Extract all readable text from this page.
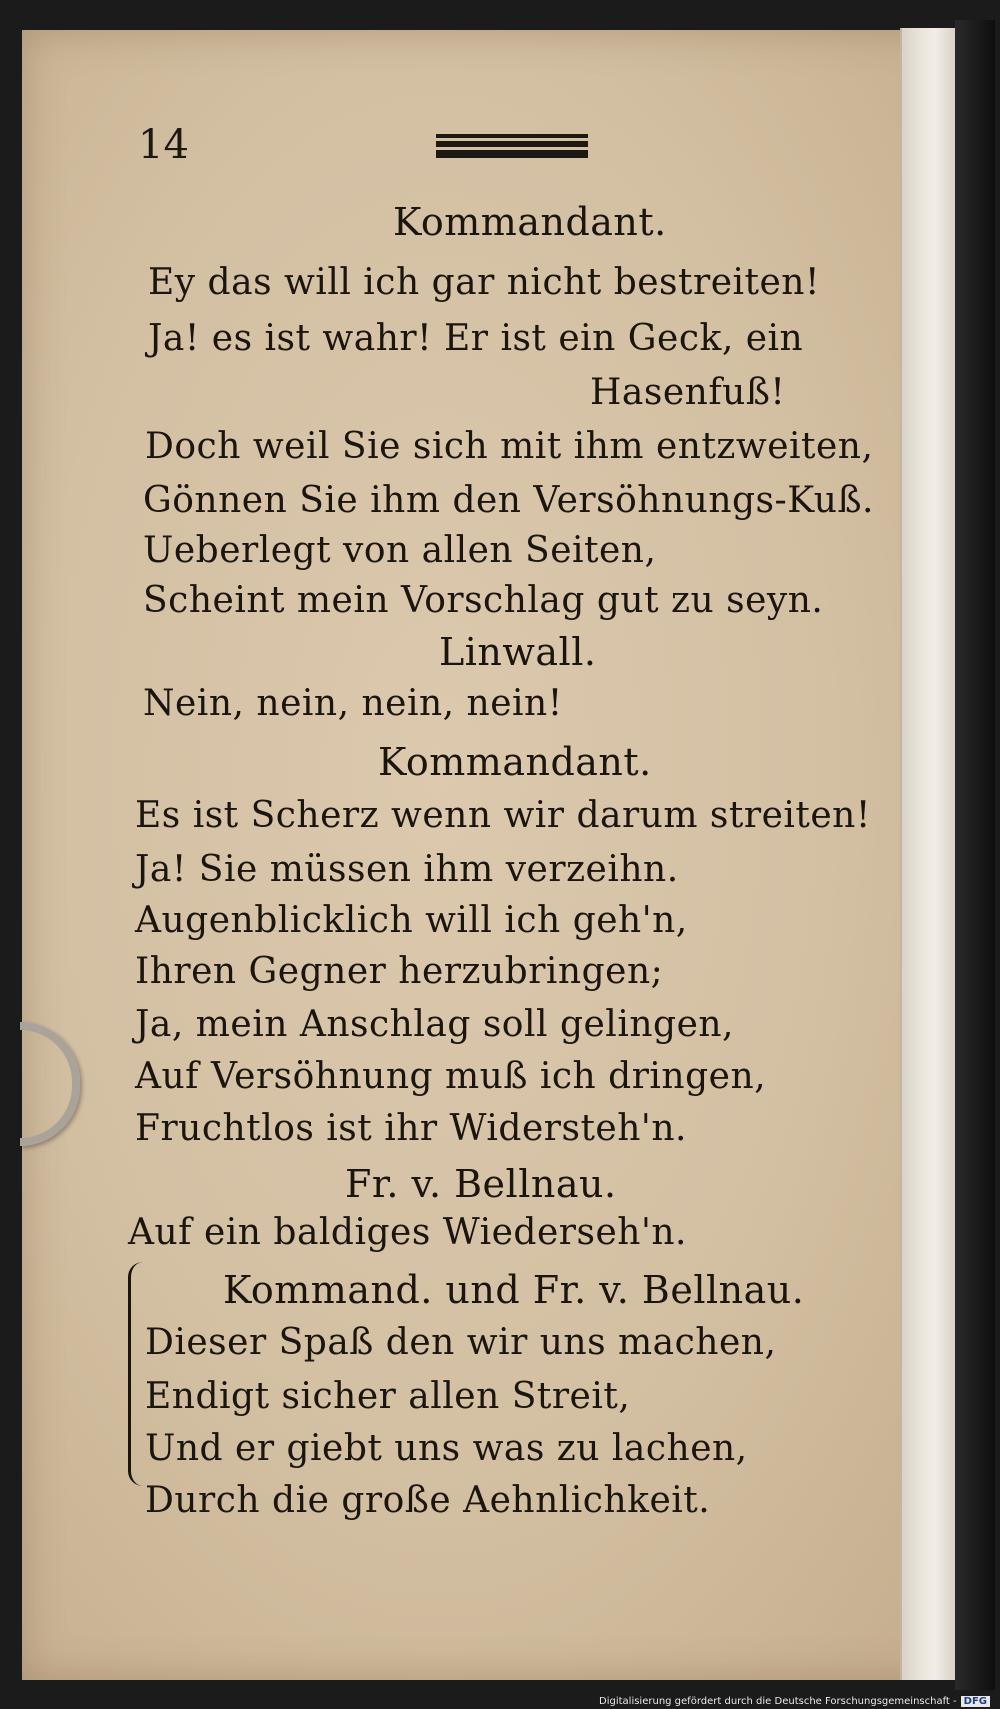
14
Kommandant.
Ey das will ich gar nicht bestreiten!
Ja! es ist wahr! Er ist ein Geck, ein
Hasenfuß!
Doch weil Sie sich mit ihm entzweiten,
Gönnen Sie ihm den Versöhnungs-Kuß.
Ueberlegt von allen Seiten,
Scheint mein Vorschlag gut zu seyn.
Linwall.
Nein, nein, nein, nein!
Kommandant.
Es ist Scherz wenn wir darum streiten!
Ja! Sie müssen ihm verzeihn.
Augenblicklich will ich geh'n,
Ihren Gegner herzubringen;
Ja, mein Anschlag soll gelingen,
Auf Versöhnung muß ich dringen,
Fruchtlos ist ihr Widersteh'n.
Fr. v. Bellnau.
Auf ein baldiges Wiederseh'n.
Kommand. und Fr. v. Bellnau.
Dieser Spaß den wir uns machen,
Endigt sicher allen Streit,
Und er giebt uns was zu lachen,
Durch die große Aehnlichkeit.
Digitalisierung gefördert durch die Deutsche Forschungsgemeinschaft - DFG
